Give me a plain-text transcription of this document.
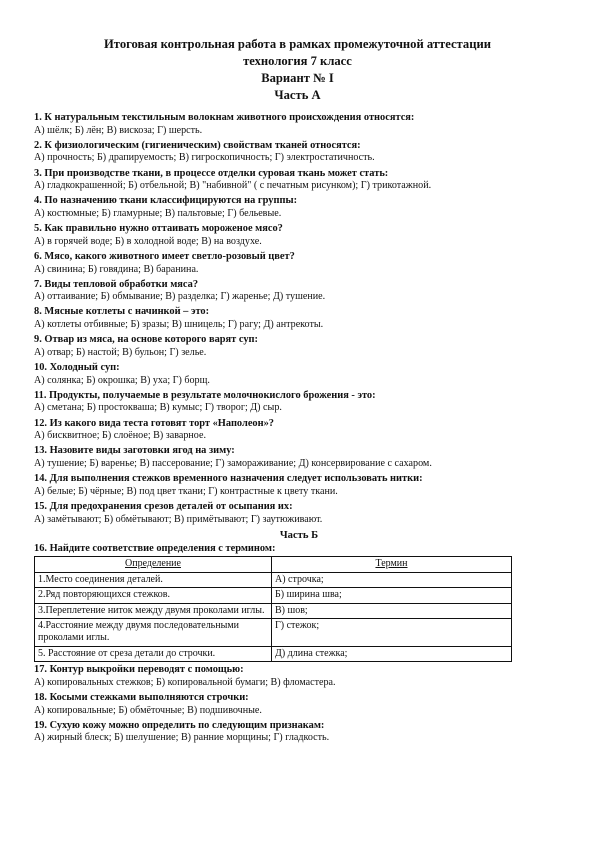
Итоговая контрольная работа в рамках промежуточной аттестации
технология 7 класс
Вариант № I
Часть А

1. К натуральным текстильным волокнам животного происхождения относятся:

А) шёлк; Б) лён; В) вискоза; Г) шерсть.

2. К физиологическим (гигиеническим) свойствам тканей относятся:

А) прочность; Б) драпируемость; В) гигроскопичность; Г) электростатичность.

3. При производстве ткани, в процессе отделки суровая ткань может стать:

А) гладкокрашенной; Б) отбельной; В) "набивной" ( с печатным рисунком); Г) трикотажной.

4. По назначению ткани классифицируются на группы:

А) костюмные; Б) гламурные; В) пальтовые; Г) бельевые.

5. Как правильно нужно оттаивать мороженое мясо?

А) в горячей воде; Б) в холодной воде; В) на воздухе.

6. Мясо, какого животного имеет светло-розовый цвет?

А) свинина; Б) говядина; В) баранина.

7. Виды тепловой обработки мяса?

А) оттаивание; Б) обмывание; В) разделка; Г) жаренье; Д) тушение.

8. Мясные котлеты с начинкой – это:

А) котлеты отбивные; Б) зразы; В) шницель; Г) рагу; Д) антрекоты.

9. Отвар из мяса, на основе которого варят суп:

А) отвар; Б) настой; В) бульон; Г) зелье.

10. Холодный суп:

А) солянка; Б) окрошка; В) уха; Г) борщ.

11. Продукты, получаемые в результате молочнокислого брожения - это:

А) сметана; Б) простокваша; В) кумыс; Г) творог; Д) сыр.

12. Из какого вида теста готовят торт «Наполеон»?

А) бисквитное; Б) слоёное; В) заварное.

13. Назовите виды заготовки ягод на зиму:

А) тушение; Б) варенье; В) пассерование; Г) замораживание; Д) консервирование с сахаром.

14. Для выполнения стежков временного назначения следует использовать нитки:

А) белые; Б) чёрные; В) под цвет ткани; Г) контрастные к цвету ткани.

15. Для предохранения срезов деталей от осыпания их:

А) замётывают; Б) обмётывают; В) примётывают; Г) заутюживают.

Часть Б

16. Найдите соответствие определения с термином:

Определение	Термин
1.Место соединения деталей.	А) строчка;
2.Ряд повторяющихся стежков.	Б) ширина шва;
3.Переплетение ниток между двумя проколами иглы.	В) шов;
4.Расстояние между двумя последовательными проколами иглы.	Г) стежок;
5. Расстояние от среза детали до строчки.	Д) длина стежка;

17. Контур выкройки переводят с помощью:

А) копировальных стежков; Б) копировальной бумаги; В) фломастера.

18. Косыми стежками выполняются строчки:

А) копировальные; Б) обмёточные; В) подшивочные.

19. Сухую кожу можно определить по следующим признакам:

А) жирный блеск; Б) шелушение; В) ранние морщины; Г) гладкость.
